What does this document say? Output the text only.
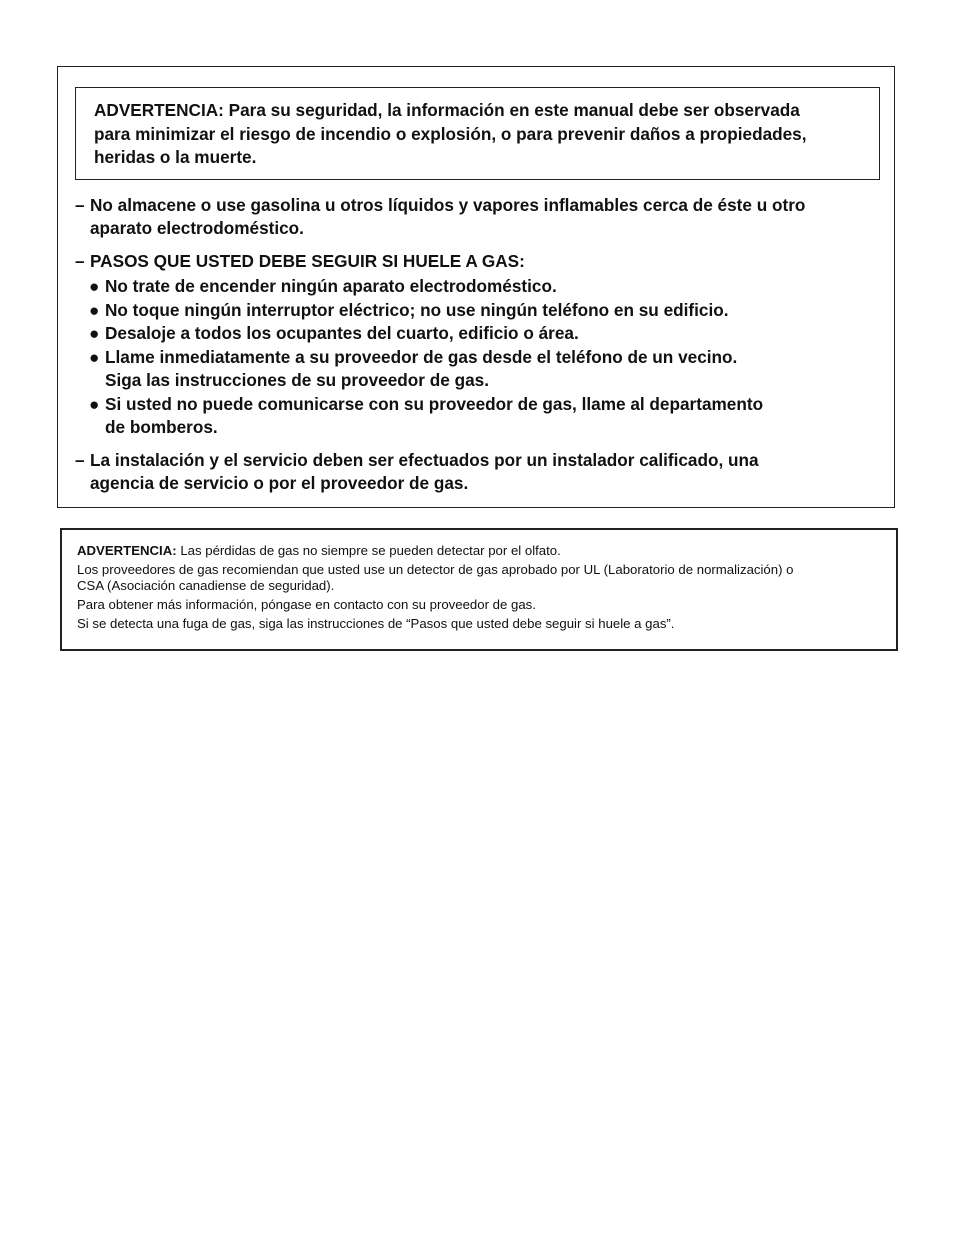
ADVERTENCIA: Para su seguridad, la información en este manual debe ser observada
para minimizar el riesgo de incendio o explosión, o para prevenir daños a propiedades,
heridas o la muerte.
– No almacene o use gasolina u otros líquidos y vapores inflamables cerca de éste u otro
aparato electrodoméstico.
– PASOS QUE USTED DEBE SEGUIR SI HUELE A GAS:
● No trate de encender ningún aparato electrodoméstico.
● No toque ningún interruptor eléctrico; no use ningún teléfono en su edificio.
● Desaloje a todos los ocupantes del cuarto, edificio o área.
● Llame inmediatamente a su proveedor de gas desde el teléfono de un vecino.
Siga las instrucciones de su proveedor de gas.
● Si usted no puede comunicarse con su proveedor de gas, llame al departamento
de bomberos.
– La instalación y el servicio deben ser efectuados por un instalador calificado, una
agencia de servicio o por el proveedor de gas.

ADVERTENCIA: Las pérdidas de gas no siempre se pueden detectar por el olfato.

Los proveedores de gas recomiendan que usted use un detector de gas aprobado por UL (Laboratorio de normalización) o
CSA (Asociación canadiense de seguridad).

Para obtener más información, póngase en contacto con su proveedor de gas.

Si se detecta una fuga de gas, siga las instrucciones de “Pasos que usted debe seguir si huele a gas”.
